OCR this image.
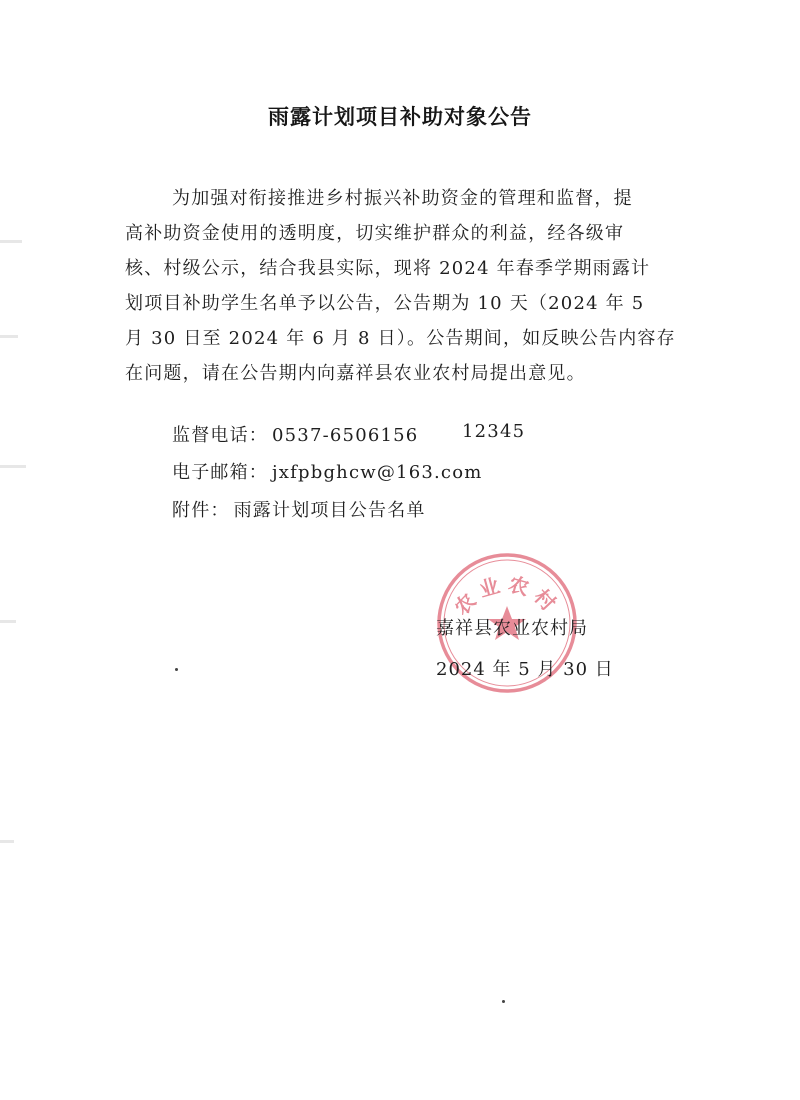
雨露计划项目补助对象公告

为加强对衔接推进乡村振兴补助资金的管理和监督，提
高补助资金使用的透明度，切实维护群众的利益，经各级审
核、村级公示，结合我县实际，现将 2024 年春季学期雨露计
划项目补助学生名单予以公告，公告期为 10 天（2024 年 5
月 30 日至 2024 年 6 月 8 日）。公告期间，如反映公告内容存
在问题，请在公告期内向嘉祥县农业农村局提出意见。

监督电话： 0537-6506156 12345
电子邮箱： jxfpbghcw@163.com
附件： 雨露计划项目公告名单
农业农村
嘉祥县农业农村局
2024 年 5 月 30 日
